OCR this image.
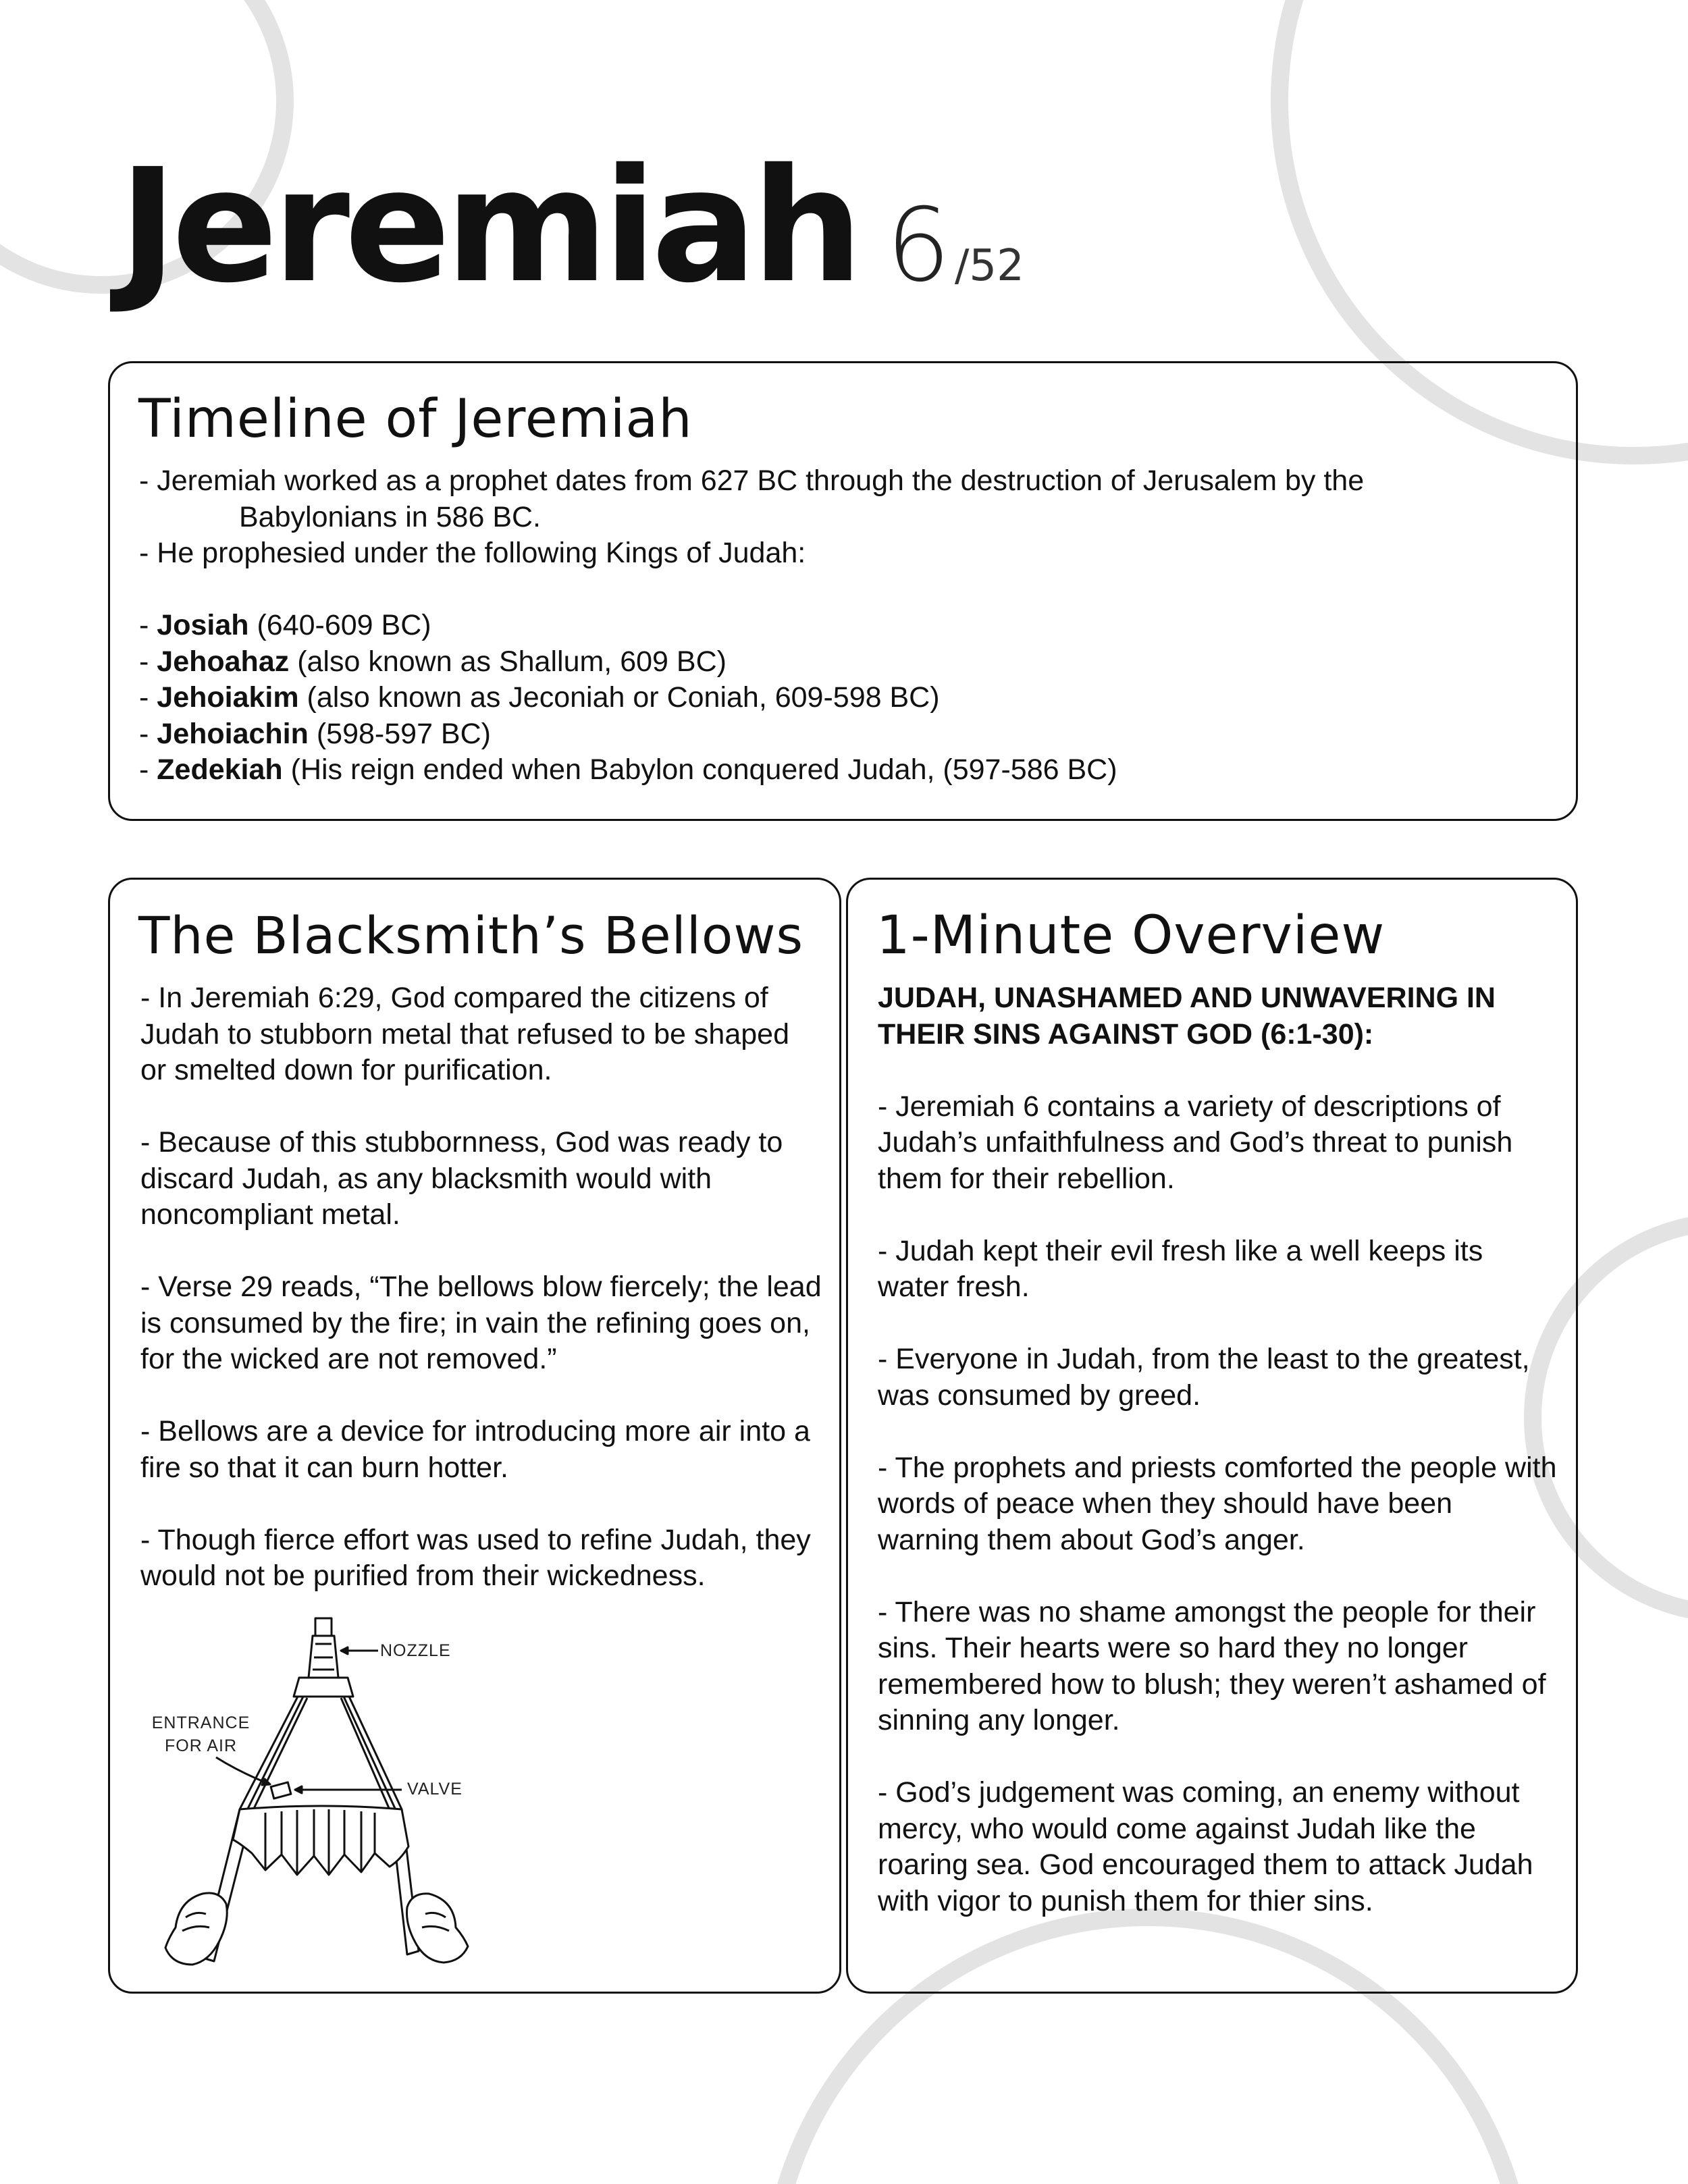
Jeremiah 6/52
Timeline of Jeremiah

- Jeremiah worked as a prophet dates from 627 BC through the destruction of Jerusalem by the

Babylonians in 586 BC.

- He prophesied under the following Kings of Judah:

- Josiah (640-609 BC)

- Jehoahaz (also known as Shallum, 609 BC)

- Jehoiakim (also known as Jeconiah or Coniah, 609-598 BC)

- Jehoiachin (598-597 BC)

- Zedekiah (His reign ended when Babylon conquered Judah, (597-586 BC)

The Blacksmith’s Bellows

- In Jeremiah 6:29, God compared the citizens of Judah to stubborn metal that refused to be shaped or smelted down for purification.

- Because of this stubbornness, God was ready to discard Judah, as any blacksmith would with noncompliant metal.

- Verse 29 reads, “The bellows blow fiercely; the lead is consumed by the fire; in vain the refining goes on, for the wicked are not removed.”

- Bellows are a device for introducing more air into a fire so that it can burn hotter.

- Though fierce effort was used to refine Judah, they would not be purified from their wickedness.

NOZZLE
ENTRANCE
FOR AIR
VALVE
1-Minute Overview

JUDAH, UNASHAMED AND UNWAVERING IN THEIR SINS AGAINST GOD (6:1-30):

- Jeremiah 6 contains a variety of descriptions of Judah’s unfaithfulness and God’s threat to punish them for their rebellion.

- Judah kept their evil fresh like a well keeps its water fresh.

- Everyone in Judah, from the least to the greatest, was consumed by greed.

- The prophets and priests comforted the people with words of peace when they should have been warning them about God’s anger.

- There was no shame amongst the people for their sins. Their hearts were so hard they no longer remembered how to blush; they weren’t ashamed of sinning any longer.

- God’s judgement was coming, an enemy without mercy, who would come against Judah like the roaring sea. God encouraged them to attack Judah with vigor to punish them for thier sins.
